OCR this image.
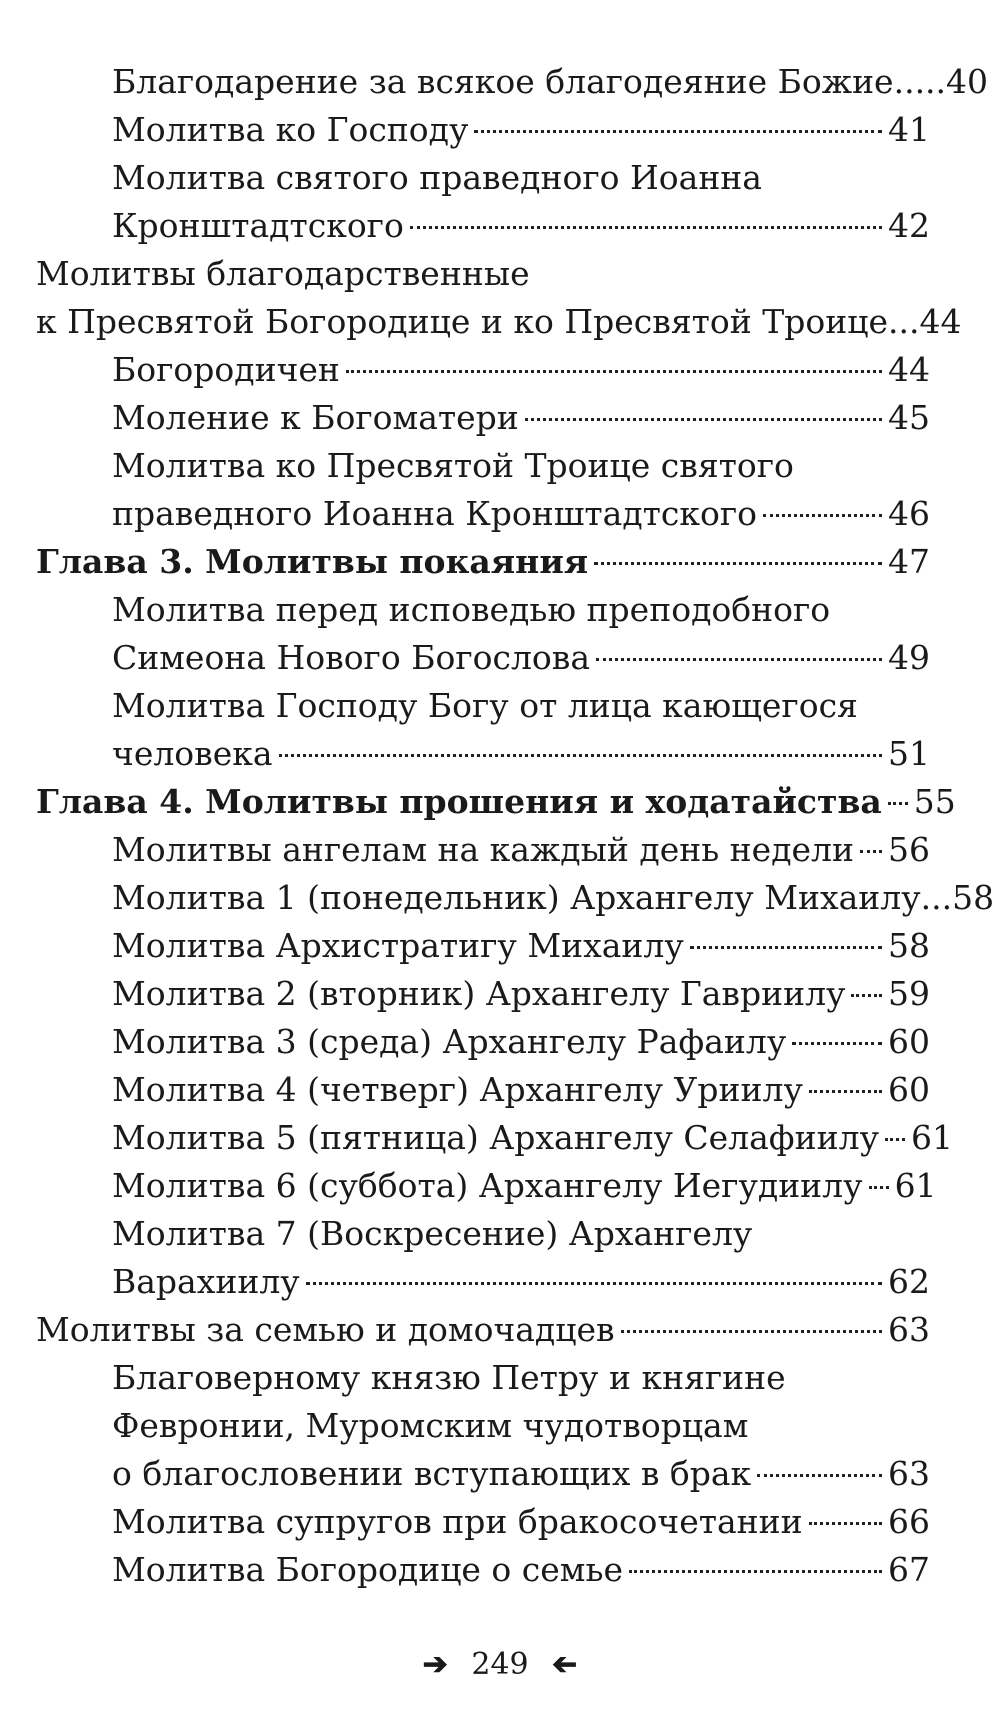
Благодарение за всякое благодеяние Божие..... 40
Молитва ко Господу	41
Молитва святого праведного Иоанна
Кронштадтского	42
Молитвы благодарственные
к Пресвятой Богородице и ко Пресвятой Троице... 44
Богородичен	44
Моление к Богоматери	45
Молитва ко Пресвятой Троице святого
праведного Иоанна Кронштадтского	46
Глава 3. Молитвы покаяния	47
Молитва перед исповедью преподобного
Симеона Нового Богослова	49
Молитва Господу Богу от лица кающегося
человека	51
Глава 4. Молитвы прошения и ходатайства 55
Молитвы ангелам на каждый день недели 56
Молитва 1 (понедельник) Архангелу Михаилу... 58
Молитва Архистратигу Михаилу	58
Молитва 2 (вторник) Архангелу Гавриилу 59
Молитва 3 (среда) Архангелу Рафаилу	60
Молитва 4 (четверг) Архангелу Уриилу	60
Молитва 5 (пятница) Архангелу Селафиилу 61
Молитва 6 (суббота) Архангелу Иегудиилу 61
Молитва 7 (Воскресение) Архангелу
Варахиилу	62
Молитвы за семью и домочадцев	63
Благоверному князю Петру и княгине
Февронии, Муромским чудотворцам
о благословении вступающих в брак	63
Молитва супругов при бракосочетании	66
Молитва Богородице о семье	67
➔ 249 ➔
